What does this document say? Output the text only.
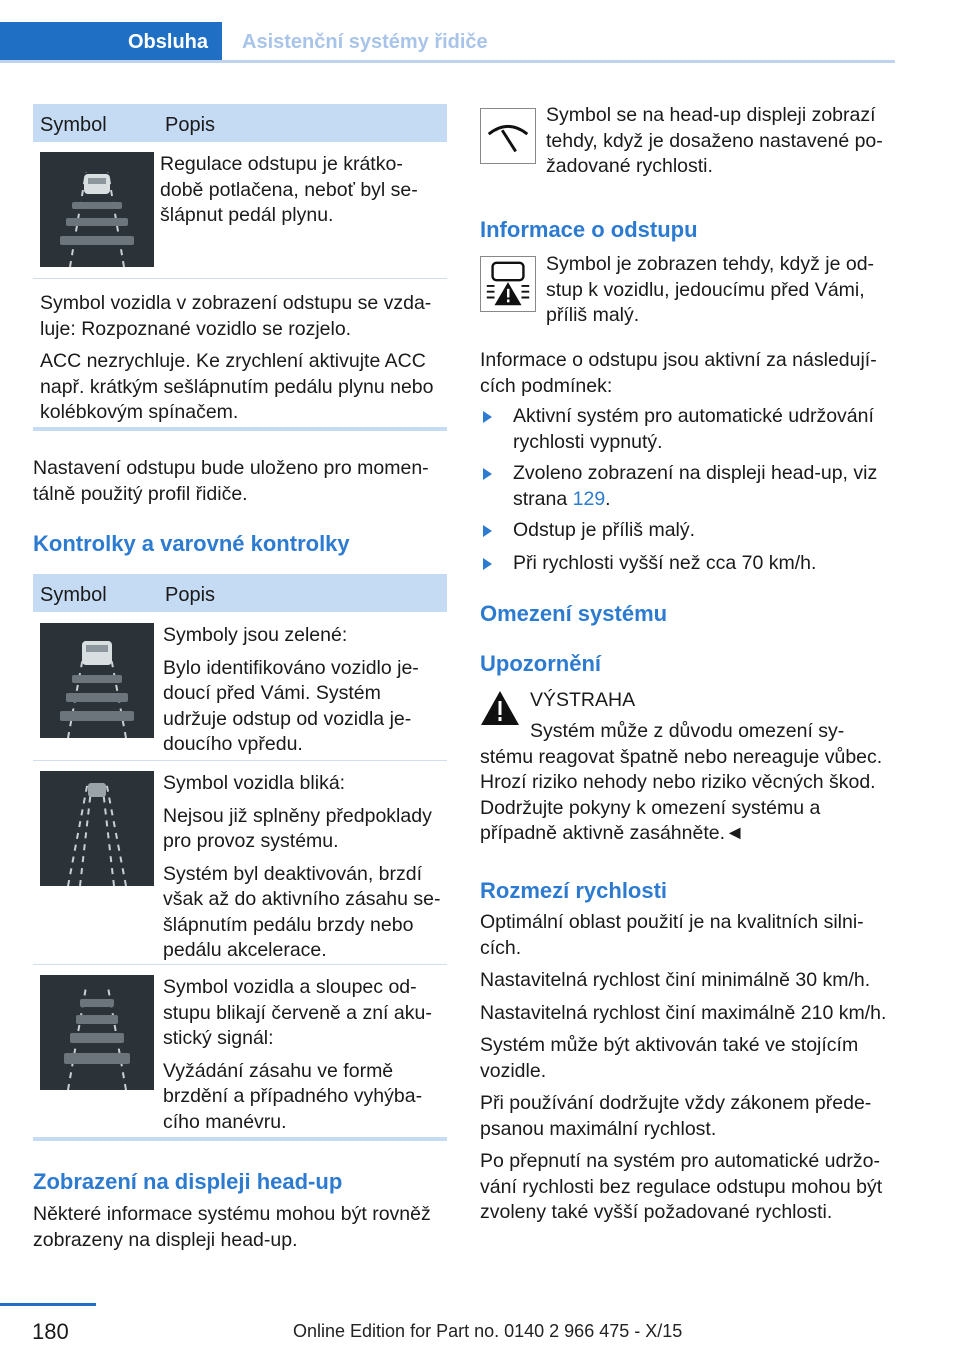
Obsluha	Asistenční systémy řidiče
Symbol	Popis
Regulace odstupu je krátko- době potlačena, neboť byl se- šlápnut pedál plynu.

Symbol vozidla v zobrazení odstupu se vzda- luje: Rozpoznané vozidlo se rozjelo.

ACC nezrychluje. Ke zrychlení aktivujte ACC např. krátkým sešlápnutím pedálu plynu nebo kolébkovým spínačem.

Nastavení odstupu bude uloženo pro momen- tálně použitý profil řidiče.
Kontrolky a varovné kontrolky
Symbol	Popis

Symboly jsou zelené:

Bylo identifikováno vozidlo je- doucí před Vámi. Systém udržuje odstup od vozidla je- doucího vpředu.

Symbol vozidla bliká:

Nejsou již splněny předpoklady pro provoz systému.

Systém byl deaktivován, brzdí však až do aktivního zásahu se- šlápnutím pedálu brzdy nebo pedálu akcelerace.

Symbol vozidla a sloupec od- stupu blikají červeně a zní aku- stický signál:

Vyžádání zásahu ve formě brzdění a případného vyhýba- cího manévru.

Zobrazení na displeji head-up
Některé informace systému mohou být rovněž zobrazeny na displeji head-up.
Symbol se na head-up displeji zobrazí tehdy, když je dosaženo nastavené po- žadované rychlosti.
Informace o odstupu
Symbol je zobrazen tehdy, když je od- stup k vozidlu, jedoucímu před Vámi, příliš malý.
Informace o odstupu jsou aktivní za následují- cích podmínek:
Aktivní systém pro automatické udržování rychlosti vypnutý.
Zvoleno zobrazení na displeji head-up, viz strana 129.
Odstup je příliš malý.
Při rychlosti vyšší než cca 70 km/h.
Omezení systému
Upozornění
VÝSTRAHA
Systém může z důvodu omezení sy- stému reagovat špatně nebo nereaguje vůbec. Hrozí riziko nehody nebo riziko věcných škod. Dodržujte pokyny k omezení systému a případně aktivně zasáhněte.◄
Rozmezí rychlosti

Optimální oblast použití je na kvalitních silni- cích.

Nastavitelná rychlost činí minimálně 30 km/h.

Nastavitelná rychlost činí maximálně 210 km/h.

Systém může být aktivován také ve stojícím vozidle.

Při používání dodržujte vždy zákonem přede- psanou maximální rychlost.

Po přepnutí na systém pro automatické udržo- vání rychlosti bez regulace odstupu mohou být zvoleny také vyšší požadované rychlosti.

180	Online Edition for Part no. 0140 2 966 475 - X/15
